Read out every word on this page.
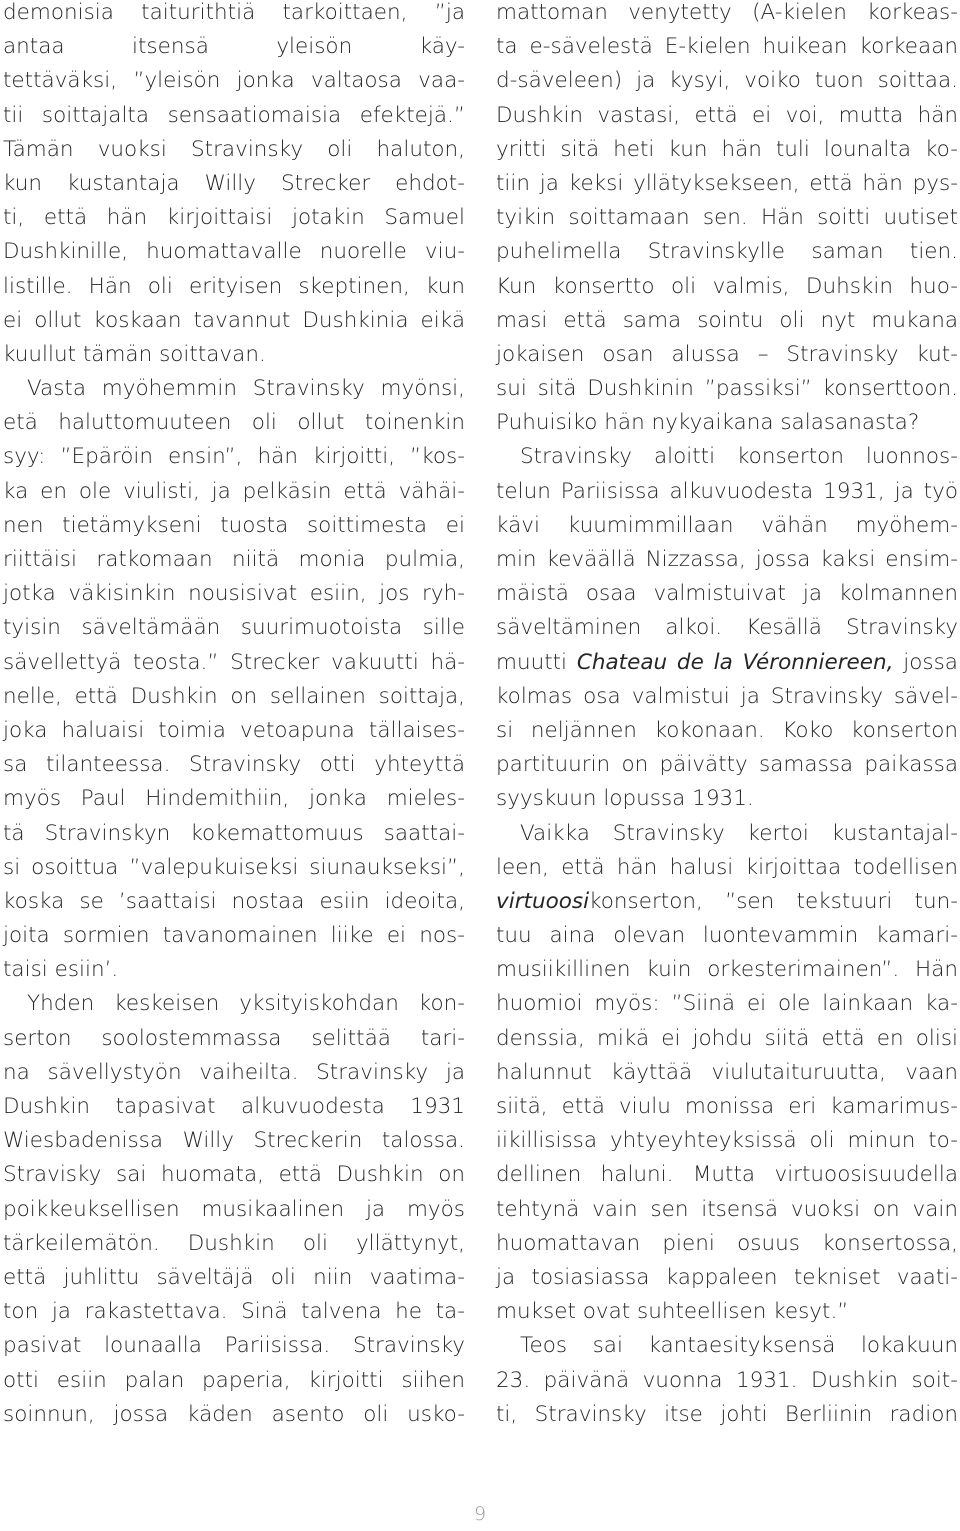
demonisia taiturithtiä tarkoittaen, ”ja
antaa itsensä yleisön käy-
tettäväksi, ”yleisön jonka valtaosa vaa-
tii soittajalta sensaatiomaisia efektejä.”
Tämän vuoksi Stravinsky oli haluton,
kun kustantaja Willy Strecker ehdot-
ti, että hän kirjoittaisi jotakin Samuel
Dushkinille, huomattavalle nuorelle viu-
listille. Hän oli erityisen skeptinen, kun
ei ollut koskaan tavannut Dushkinia eikä
kuullut tämän soittavan.
Vasta myöhemmin Stravinsky myönsi,
etä haluttomuuteen oli ollut toinenkin
syy: ”Epäröin ensin”, hän kirjoitti, ”kos-
ka en ole viulisti, ja pelkäsin että vähäi-
nen tietämykseni tuosta soittimesta ei
riittäisi ratkomaan niitä monia pulmia,
jotka väkisinkin nousisivat esiin, jos ryh-
tyisin säveltämään suurimuotoista sille
sävellettyä teosta.” Strecker vakuutti hä-
nelle, että Dushkin on sellainen soittaja,
joka haluaisi toimia vetoapuna tällaises-
sa tilanteessa. Stravinsky otti yhteyttä
myös Paul Hindemithiin, jonka mieles-
tä Stravinskyn kokemattomuus saattai-
si osoittua ”valepukuiseksi siunaukseksi”,
koska se ’saattaisi nostaa esiin ideoita,
joita sormien tavanomainen liike ei nos-
taisi esiin’.
Yhden keskeisen yksityiskohdan kon-
serton soolostemmassa selittää tari-
na sävellystyön vaiheilta. Stravinsky ja
Dushkin tapasivat alkuvuodesta 1931
Wiesbadenissa Willy Streckerin talossa.
Stravisky sai huomata, että Dushkin on
poikkeuksellisen musikaalinen ja myös
tärkeilemätön. Dushkin oli yllättynyt,
että juhlittu säveltäjä oli niin vaatima-
ton ja rakastettava. Sinä talvena he ta-
pasivat lounaalla Pariisissa. Stravinsky
otti esiin palan paperia, kirjoitti siihen
soinnun, jossa käden asento oli usko-
mattoman venytetty (A-kielen korkeas-
ta e-sävelestä E-kielen huikean korkeaan
d-säveleen) ja kysyi, voiko tuon soittaa.
Dushkin vastasi, että ei voi, mutta hän
yritti sitä heti kun hän tuli lounalta ko-
tiin ja keksi yllätyksekseen, että hän pys-
tyikin soittamaan sen. Hän soitti uutiset
puhelimella Stravinskylle saman tien.
Kun konsertto oli valmis, Duhskin huo-
masi että sama sointu oli nyt mukana
jokaisen osan alussa – Stravinsky kut-
sui sitä Dushkinin ”passiksi” konserttoon.
Puhuisiko hän nykyaikana salasanasta?
Stravinsky aloitti konserton luonnos-
telun Pariisissa alkuvuodesta 1931, ja työ
kävi kuumimmillaan vähän myöhem-
min keväällä Nizzassa, jossa kaksi ensim-
mäistä osaa valmistuivat ja kolmannen
säveltäminen alkoi. Kesällä Stravinsky
muutti Chateau de la Véronniereen, jossa
kolmas osa valmistui ja Stravinsky sävel-
si neljännen kokonaan. Koko konserton
partituurin on päivätty samassa paikassa
syyskuun lopussa 1931.
Vaikka Stravinsky kertoi kustantajal-
leen, että hän halusi kirjoittaa todellisen
virtuoosikonserton, ”sen tekstuuri tun-
tuu aina olevan luontevammin kamari-
musiikillinen kuin orkesterimainen”. Hän
huomioi myös: ”Siinä ei ole lainkaan ka-
denssia, mikä ei johdu siitä että en olisi
halunnut käyttää viulutaituruutta, vaan
siitä, että viulu monissa eri kamarimus-
iikillisissa yhtyeyhteyksissä oli minun to-
dellinen haluni. Mutta virtuoosisuudella
tehtynä vain sen itsensä vuoksi on vain
huomattavan pieni osuus konsertossa,
ja tosiasiassa kappaleen tekniset vaati-
mukset ovat suhteellisen kesyt.”
Teos sai kantaesityksensä lokakuun
23. päivänä vuonna 1931. Dushkin soit-
ti, Stravinsky itse johti Berliinin radion
9
